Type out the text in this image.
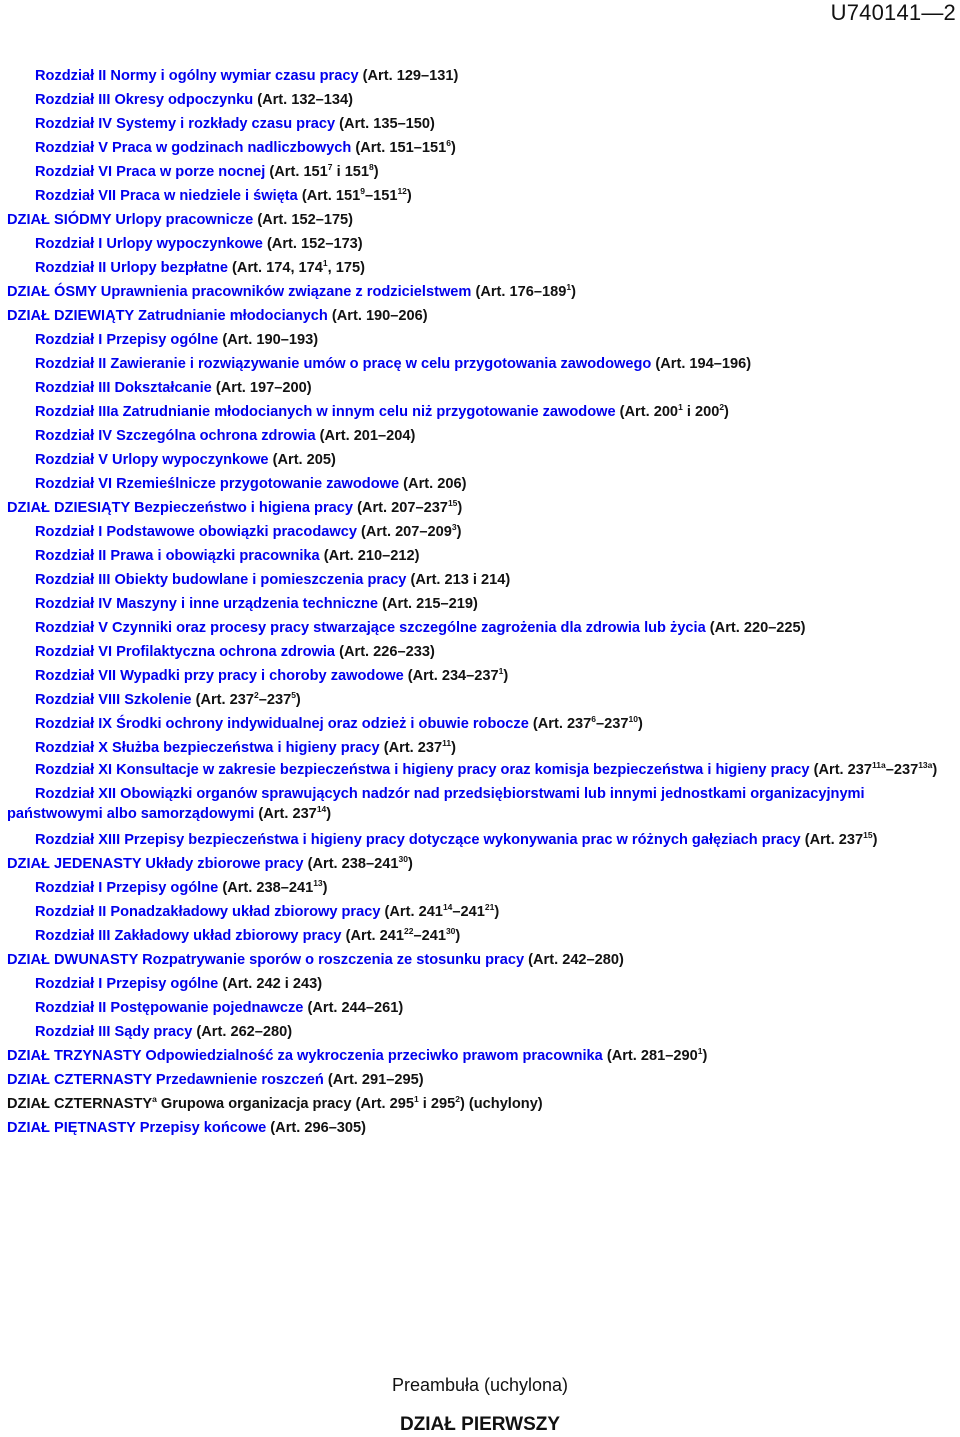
U740141—2
Rozdział II Normy i ogólny wymiar czasu pracy (Art. 129–131)
Rozdział III Okresy odpoczynku (Art. 132–134)
Rozdział IV Systemy i rozkłady czasu pracy (Art. 135–150)
Rozdział V Praca w godzinach nadliczbowych (Art. $151-151^6$)
Rozdział VI Praca w porze nocnej (Art. $151^7$ i $151^8$)
Rozdział VII Praca w niedziele i święta (Art. $151^9-151^{12}$)
DZIAŁ SIÓDMY Urlopy pracownicze (Art. 152–175)
Rozdział I Urlopy wypoczynkowe (Art. 152–173)
Rozdział II Urlopy bezpłatne (Art. 174, $174^1$, 175)
DZIAŁ ÓSMY Uprawnienia pracowników związane z rodzicielstwem (Art. $176-189^1$)
DZIAŁ DZIEWIĄTY Zatrudnianie młodocianych (Art. 190–206)
Rozdział I Przepisy ogólne (Art. 190–193)
Rozdział II Zawieranie i rozwiązywanie umów o pracę w celu przygotowania zawodowego (Art. 194–196)
Rozdział III Dokształcanie (Art. 197–200)
Rozdział IIIa Zatrudnianie młodocianych w innym celu niż przygotowanie zawodowe (Art. $200^1$ i $200^2$)
Rozdział IV Szczególna ochrona zdrowia (Art. 201–204)
Rozdział V Urlopy wypoczynkowe (Art. 205)
Rozdział VI Rzemieślnicze przygotowanie zawodowe (Art. 206)
DZIAŁ DZIESIĄTY Bezpieczeństwo i higiena pracy (Art. $207-237^{15}$)
Rozdział I Podstawowe obowiązki pracodawcy (Art. $207-209^3$)
Rozdział II Prawa i obowiązki pracownika (Art. 210–212)
Rozdział III Obiekty budowlane i pomieszczenia pracy (Art. 213 i 214)
Rozdział IV Maszyny i inne urządzenia techniczne (Art. 215–219)
Rozdział V Czynniki oraz procesy pracy stwarzające szczególne zagrożenia dla zdrowia lub życia (Art. 220–225)
Rozdział VI Profilaktyczna ochrona zdrowia (Art. 226–233)
Rozdział VII Wypadki przy pracy i choroby zawodowe (Art. $234-237^1$)
Rozdział VIII Szkolenie (Art. $237^2-237^5$)
Rozdział IX Środki ochrony indywidualnej oraz odzież i obuwie robocze (Art. $237^6-237^{10}$)
Rozdział X Służba bezpieczeństwa i higieny pracy (Art. $237^{11}$)
Rozdział XI Konsultacje w zakresie bezpieczeństwa i higieny pracy oraz komisja bezpieczeństwa i higieny pracy (Art. $237^{11a}-237^{13a}$)
Rozdział XII Obowiązki organów sprawujących nadzór nad przedsiębiorstwami lub innymi jednostkami organizacyjnymi państwowymi albo samorządowymi (Art. $237^{14}$)
Rozdział XIII Przepisy bezpieczeństwa i higieny pracy dotyczące wykonywania prac w różnych gałęziach pracy (Art. $237^{15}$)
DZIAŁ JEDENASTY Układy zbiorowe pracy (Art. $238-241^{30}$)
Rozdział I Przepisy ogólne (Art. $238-241^{13}$)
Rozdział II Ponadzakładowy układ zbiorowy pracy (Art. $241^{14}-241^{21}$)
Rozdział III Zakładowy układ zbiorowy pracy (Art. $241^{22}-241^{30}$)
DZIAŁ DWUNASTY Rozpatrywanie sporów o roszczenia ze stosunku pracy (Art. 242–280)
Rozdział I Przepisy ogólne (Art. 242 i 243)
Rozdział II Postępowanie pojednawcze (Art. 244–261)
Rozdział III Sądy pracy (Art. 262–280)
DZIAŁ TRZYNASTY Odpowiedzialność za wykroczenia przeciwko prawom pracownika (Art. $281-290^1$)
DZIAŁ CZTERNASTY Przedawnienie roszczeń (Art. 291–295)
DZIAŁ CZTERNASTY$^a$ Grupowa organizacja pracy (Art. $295^1$ i $295^2$) (uchylony)
DZIAŁ PIĘTNASTY Przepisy końcowe (Art. 296–305)
Preambuła (uchylona)
DZIAŁ PIERWSZY
